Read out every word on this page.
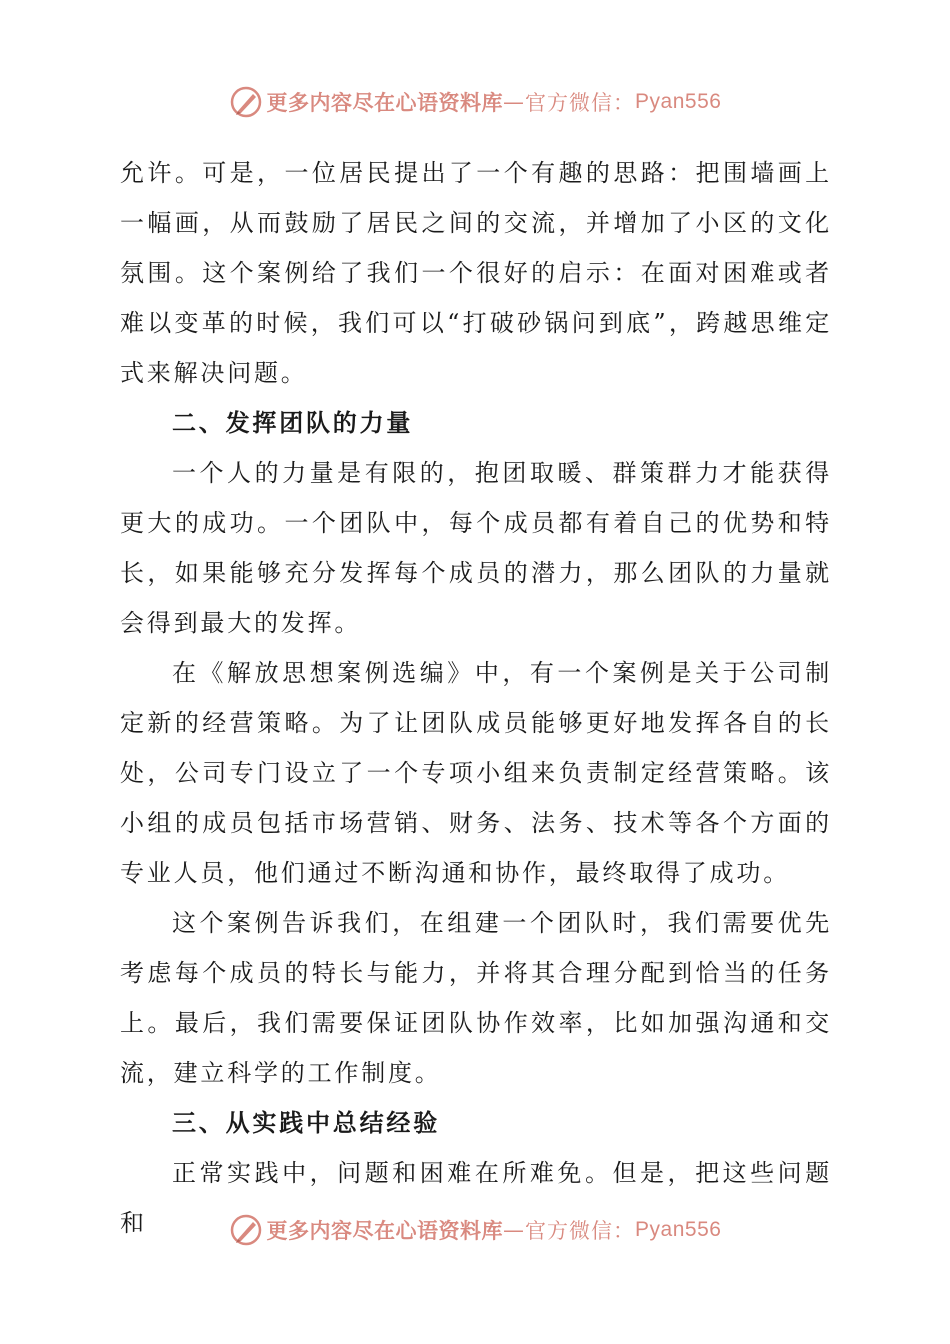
更多内容尽在心语资料库 — 官方微信： Pyan556

允许。可是，一位居民提出了一个有趣的思路：把围墙画上一幅画，从而鼓励了居民之间的交流，并增加了小区的文化氛围。这个案例给了我们一个很好的启示：在面对困难或者难以变革的时候，我们可以“打破砂锅问到底”，跨越思维定式来解决问题。

二、发挥团队的力量

一个人的力量是有限的，抱团取暖、群策群力才能获得更大的成功。一个团队中，每个成员都有着自己的优势和特长，如果能够充分发挥每个成员的潜力，那么团队的力量就会得到最大的发挥。

在《解放思想案例选编》中，有一个案例是关于公司制定新的经营策略。为了让团队成员能够更好地发挥各自的长处，公司专门设立了一个专项小组来负责制定经营策略。该小组的成员包括市场营销、财务、法务、技术等各个方面的专业人员，他们通过不断沟通和协作，最终取得了成功。

这个案例告诉我们，在组建一个团队时，我们需要优先考虑每个成员的特长与能力，并将其合理分配到恰当的任务上。最后，我们需要保证团队协作效率，比如加强沟通和交流，建立科学的工作制度。

三、从实践中总结经验

正常实践中，问题和困难在所难免。但是，把这些问题和	更多内容尽在心语资料库 — 官方微信： Pyan556
